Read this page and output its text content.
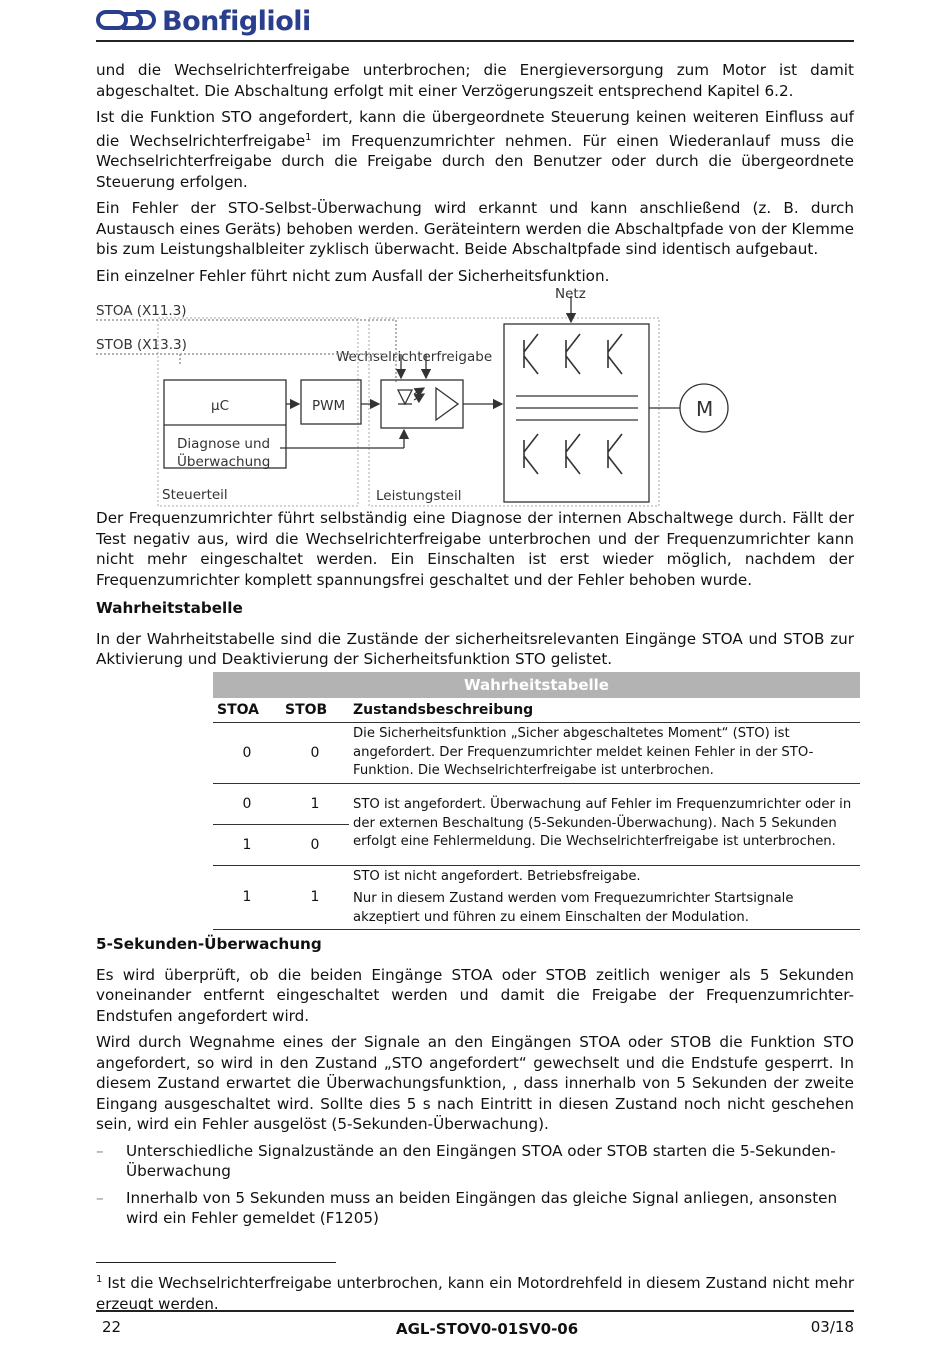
Bonfiglioli

und die Wechselrichterfreigabe unterbrochen; die Energieversorgung zum Motor ist damit abgeschaltet. Die Abschaltung erfolgt mit einer Verzögerungszeit entsprechend Kapitel 6.2.

Ist die Funktion STO angefordert, kann die übergeordnete Steuerung keinen weiteren Einfluss auf die Wechselrichterfreigabe$^1$ im Frequenzumrichter nehmen. Für einen Wiederanlauf muss die Wechselrichterfreigabe durch die Freigabe durch den Benutzer oder durch die übergeordnete Steuerung erfolgen.

Ein Fehler der STO-Selbst-Überwachung wird erkannt und kann anschließend (z. B. durch Austausch eines Geräts) behoben werden. Geräteintern werden die Abschaltpfade von der Klemme bis zum Leistungshalbleiter zyklisch überwacht. Beide Abschaltpfade sind identisch aufgebaut.

Ein einzelner Fehler führt nicht zum Ausfall der Sicherheitsfunktion.

STOA (X11.3)
STOB (X13.3)
Netz
Wechselrichterfreigabe
µC	PWM
Diagnose und
Überwachung
Steuerteil	Leistungsteil
M

Der Frequenzumrichter führt selbständig eine Diagnose der internen Abschaltwege durch. Fällt der Test negativ aus, wird die Wechselrichterfreigabe unterbrochen und der Frequenzumrichter kann nicht mehr eingeschaltet werden. Ein Einschalten ist erst wieder möglich, nachdem der Frequenzumrichter komplett spannungsfrei geschaltet und der Fehler behoben wurde.

Wahrheitstabelle

In der Wahrheitstabelle sind die Zustände der sicherheitsrelevanten Eingänge STOA und STOB zur Aktivierung und Deaktivierung der Sicherheitsfunktion STO gelistet.

Wahrheitstabelle		
STOA	STOB	Zustandsbeschreibung
0	0	Die Sicherheitsfunktion „Sicher abgeschaltetes Moment“ (STO) ist angefordert. Der Frequenzumrichter meldet keinen Fehler in der STO-Funktion. Die Wechselrichterfreigabe ist unterbrochen.
0	1	STO ist angefordert. Überwachung auf Fehler im Frequenzumrichter oder in der externen Beschaltung (5-Sekunden-Überwachung). Nach 5 Sekunden erfolgt eine Fehlermeldung. Die Wechselrichterfreigabe ist unterbrochen.
1	0	
1	1	STO ist nicht angefordert. Betriebsfreigabe.
Nur in diesem Zustand werden vom Frequezumrichter Startsignale akzeptiert und führen zu einem Einschalten der Modulation.
5-Sekunden-Überwachung

Es wird überprüft, ob die beiden Eingänge STOA oder STOB zeitlich weniger als 5 Sekunden voneinander entfernt eingeschaltet werden und damit die Freigabe der Frequenzumrichter-Endstufen angefordert wird.

Wird durch Wegnahme eines der Signale an den Eingängen STOA oder STOB die Funktion STO angefordert, so wird in den Zustand „STO angefordert“ gewechselt und die Endstufe gesperrt. In diesem Zustand erwartet die Überwachungsfunktion, , dass innerhalb von 5 Sekunden der zweite Eingang ausgeschaltet wird. Sollte dies 5 s nach Eintritt in diesen Zustand noch nicht geschehen sein, wird ein Fehler ausgelöst (5-Sekunden-Überwachung).

– Unterschiedliche Signalzustände an den Eingängen STOA oder STOB starten die 5-Sekunden-Überwachung
– Innerhalb von 5 Sekunden muss an beiden Eingängen das gleiche Signal anliegen, ansonsten wird ein Fehler gemeldet (F1205)
$^1$ Ist die Wechselrichterfreigabe unterbrochen, kann ein Motordrehfeld in diesem Zustand nicht mehr erzeugt werden.
22	AGL-STOV0-01SV0-06	03/18
